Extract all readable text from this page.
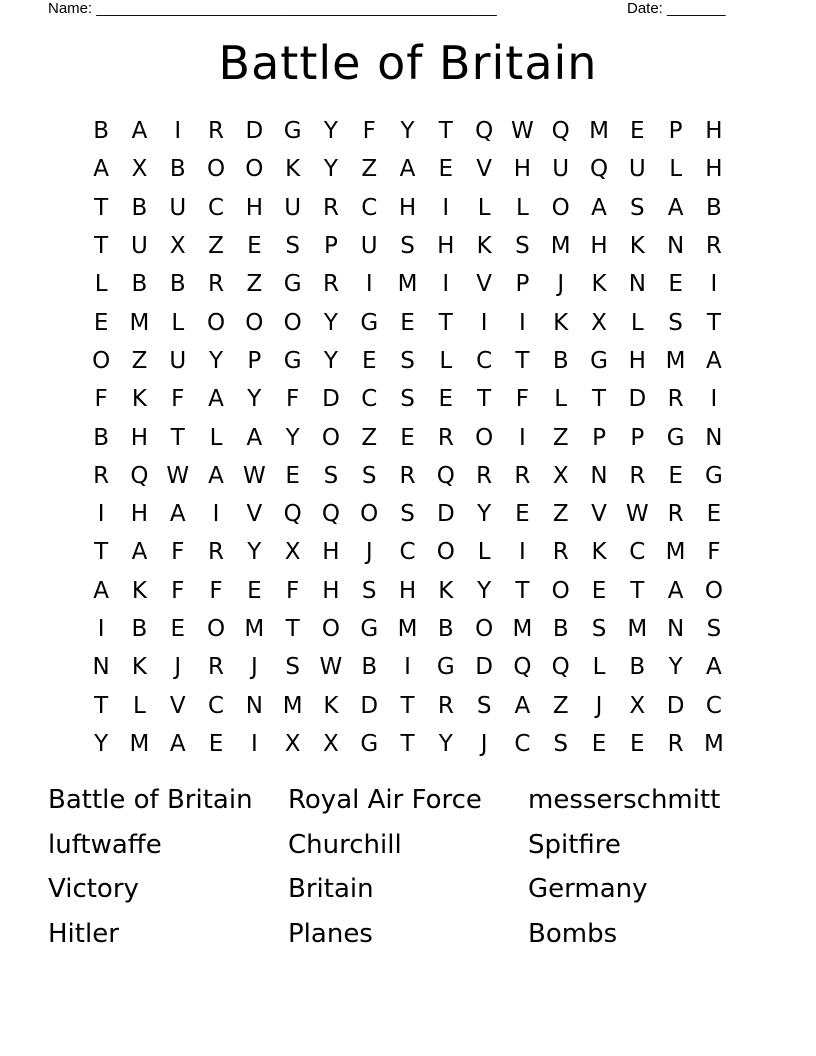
Name: ________________________________________________	Date: _______
Battle of Britain
B A	I	R D G Y	F	Y	T Q W Q M E	P H
A X B O O K	Y	Z A	E	V H U Q U	L	H
T	B U C H U R C H	I	L	L O A	S	A B
T U X Z	E	S	P U S H K	S M H K N R
L	B B R Z G R	I	M	I	V	P	J	K N E	I
E M L O O O Y G E	T	I	I	K X	L	S	T
O Z U Y	P G Y	E	S	L	C	T	B G H M A
F	K	F	A	Y	F D C S	E	T	F	L	T D R	I
B H T	L	A	Y O Z	E	R O	I	Z	P	P G N
R Q W A W E	S	S	R Q R R X N R	E G
I	H A	I	V Q Q O S D Y	E	Z V W R	E
T	A	F	R	Y	X H	J	C O L	I	R K C M F
A K	F	F	E	F	H S H K	Y	T O E	T	A O
I	B	E O M T O G M B O M B	S M N S
N K	J	R	J	S W B	I	G D Q Q L	B	Y	A
T	L	V C N M K D T	R	S	A Z	J	X D C
Y M A	E	I	X X G T	Y	J	C S	E	E	R M
Battle of Britain	Royal Air Force	messerschmitt
luftwaffe	Churchill	Spitfire
Victory	Britain	Germany
Hitler	Planes	Bombs
